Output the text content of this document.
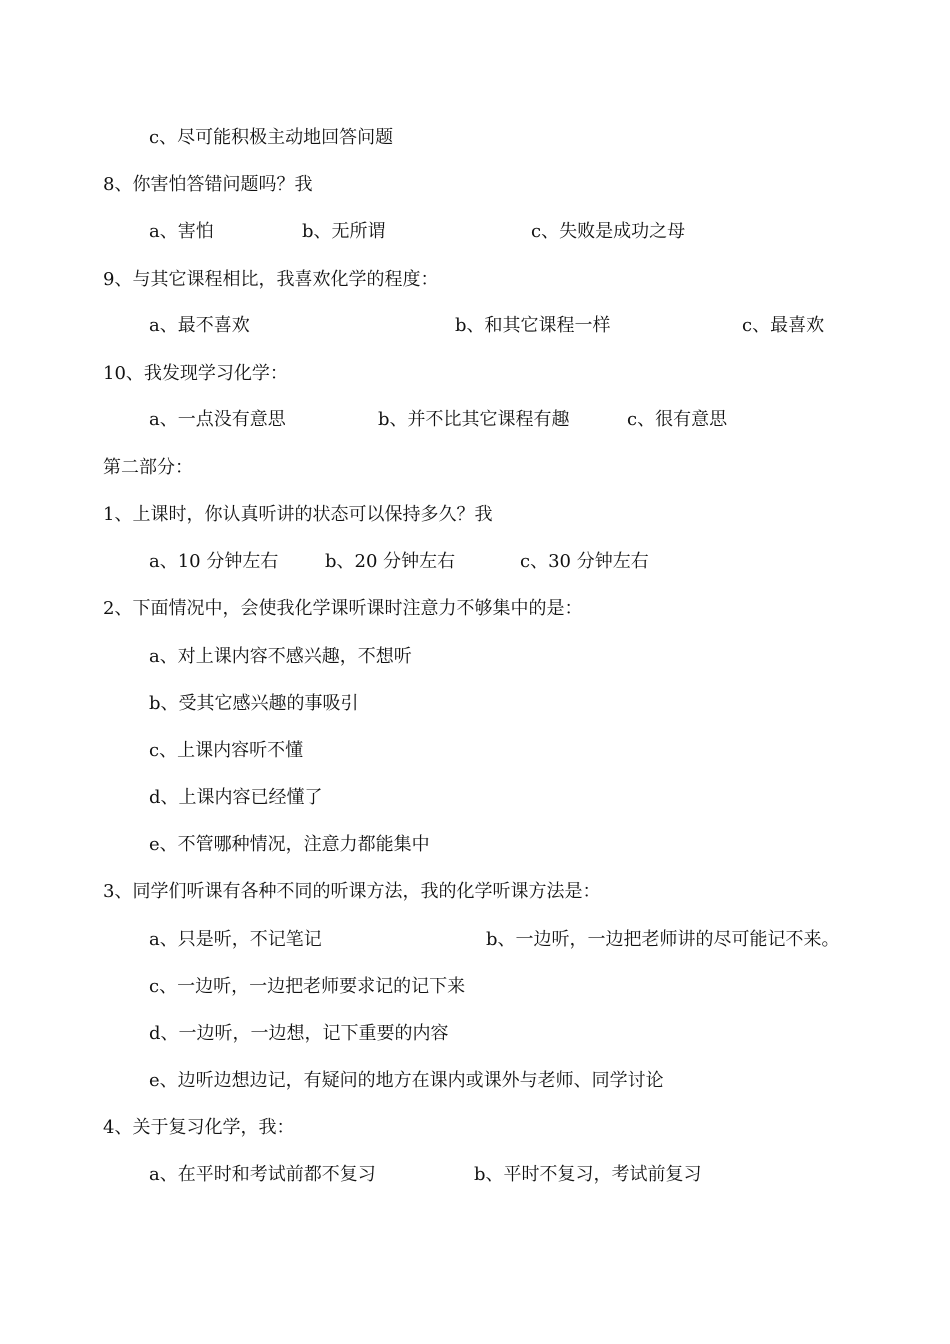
c、尽可能积极主动地回答问题
8、你害怕答错问题吗？我
a、害怕	b、无所谓	c、失败是成功之母
9、与其它课程相比，我喜欢化学的程度：
a、最不喜欢	b、和其它课程一样	c、最喜欢
10、我发现学习化学：
a、一点没有意思	b、并不比其它课程有趣	c、很有意思
第二部分：
1、上课时，你认真听讲的状态可以保持多久？我
a、10 分钟左右	b、20 分钟左右	c、30 分钟左右
2、下面情况中，会使我化学课听课时注意力不够集中的是：
a、对上课内容不感兴趣，不想听
b、受其它感兴趣的事吸引
c、上课内容听不懂
d、上课内容已经懂了
e、不管哪种情况，注意力都能集中
3、同学们听课有各种不同的听课方法，我的化学听课方法是：
a、只是听，不记笔记	b、一边听，一边把老师讲的尽可能记不来。
c、一边听，一边把老师要求记的记下来
d、一边听，一边想，记下重要的内容
e、边听边想边记，有疑问的地方在课内或课外与老师、同学讨论
4、关于复习化学，我：
a、在平时和考试前都不复习	b、平时不复习，考试前复习
